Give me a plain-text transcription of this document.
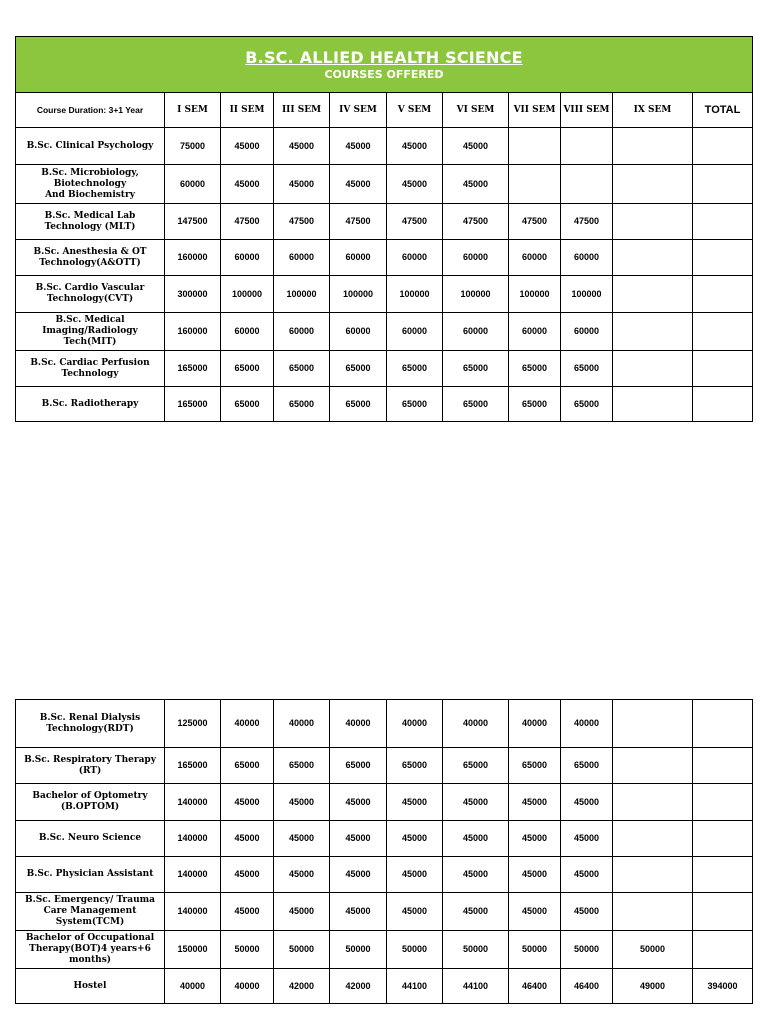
B.SC. ALLIED HEALTH SCIENCE
COURSES OFFERED										

Course Duration: 3+1 Year	I SEM	II SEM	III SEM	IV SEM	V SEM	VI SEM	VII SEM	VIII SEM	IX SEM	TOTAL
B.Sc. Clinical Psychology	75000	45000	45000	45000	45000	45000				
B.Sc. Microbiology,
Biotechnology
And Biochemistry	60000	45000	45000	45000	45000	45000				
B.Sc. Medical Lab
Technology (MLT)	147500	47500	47500	47500	47500	47500	47500	47500		
B.Sc. Anesthesia & OT
Technology(A&OTT)	160000	60000	60000	60000	60000	60000	60000	60000		
B.Sc. Cardio Vascular
Technology(CVT)	300000	100000	100000	100000	100000	100000	100000	100000		
B.Sc. Medical
Imaging/Radiology
Tech(MIT)	160000	60000	60000	60000	60000	60000	60000	60000		
B.Sc. Cardiac Perfusion
Technology	165000	65000	65000	65000	65000	65000	65000	65000		
B.Sc. Radiotherapy	165000	65000	65000	65000	65000	65000	65000	65000		
B.Sc. Renal Dialysis
Technology(RDT)	125000	40000	40000	40000	40000	40000	40000	40000		
B.Sc. Respiratory Therapy
(RT)	165000	65000	65000	65000	65000	65000	65000	65000		
Bachelor of Optometry
(B.OPTOM)	140000	45000	45000	45000	45000	45000	45000	45000		
B.Sc. Neuro Science	140000	45000	45000	45000	45000	45000	45000	45000		
B.Sc. Physician Assistant	140000	45000	45000	45000	45000	45000	45000	45000		
B.Sc. Emergency/ Trauma
Care Management
System(TCM)	140000	45000	45000	45000	45000	45000	45000	45000		
Bachelor of Occupational
Therapy(BOT)4 years+6
months)	150000	50000	50000	50000	50000	50000	50000	50000	50000	
Hostel	40000	40000	42000	42000	44100	44100	46400	46400	49000	394000
